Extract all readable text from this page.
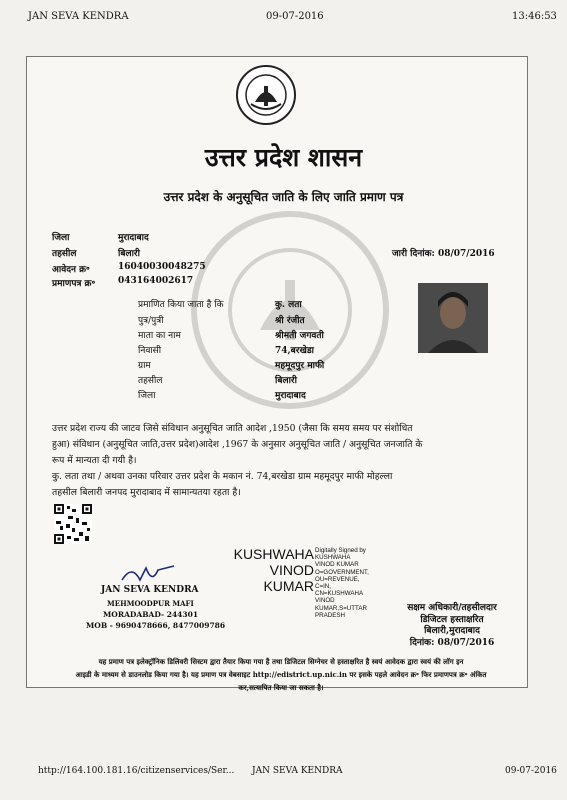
JAN SEVA KENDRA	09-07-2016	13:46:53
उत्तर प्रदेश शासन
उत्तर प्रदेश के अनुसूचित जाति के लिए जाति प्रमाण पत्र
जिला	मुरादाबाद
तहसील	बिलारी	जारी दिनांक: 08/07/2016
आवेदन क्र॰	16040030048275
प्रमाणपत्र क्र॰	043164002617
प्रमाणित किया जाता है कि	कु. लता
पुत्र/पुत्री	श्री रंजीत
माता का नाम	श्रीमती जगवती
निवासी	74,बरखेडा
ग्राम	महमूदपुर माफी
तहसील	बिलारी
जिला	मुरादाबाद
उत्तर प्रदेश राज्य की जाटव जिसे संविधान अनुसूचित जाति आदेश ,1950 (जैसा कि समय समय पर संशोधित
हुआ) संविधान (अनुसूचित जाति,उत्तर प्रदेश)आदेश ,1967 के अनुसार अनुसूचित जाति / अनुसूचित जनजाति के
रूप में मान्यता दी गयी है।
कु. लता तथा / अथवा उनका परिवार उत्तर प्रदेश के मकान नं. 74,बरखेडा ग्राम महमूदपुर माफी मोहल्ला
तहसील बिलारी जनपद मुरादाबाद में सामान्यतया रहता है।
JAN SEVA KENDRA
MEHMOODPUR MAFI
MORADABAD- 244301
MOB - 9690478666, 8477009786
KUSHWAHA
VINOD
KUMAR
Digitally Signed by
KUSHWAHA
VINOD KUMAR
O=GOVERNMENT,
OU=REVENUE,
C=IN,
CN=KUSHWAHA
VINOD
KUMAR,S=UTTAR
PRADESH
सक्षम अधिकारी/तहसीलदार
डिजिटल हस्ताक्षरित
बिलारी,मुरादाबाद
दिनांक: 08/07/2016
यह प्रमाण पत्र इलेक्ट्रॉनिक डिलिवरी सिस्टम द्वारा तैयार किया गया है तथा डिजिटल सिग्नेचर से हस्ताक्षरित है स्वयं आवेदक द्वारा स्वयं की लॉग इन
आइडी के माध्यम से डाउनलोड किया गया है। यह प्रमाण पत्र वेबसाइट http://edistrict.up.nic.in पर इसके पहले आवेदन क्र॰ फिर प्रमाणपत्र क्र॰ अंकित
कर,सत्यापित किया जा सकता है।
http://164.100.181.16/citizenservices/Ser... JAN SEVA KENDRA	09-07-2016
